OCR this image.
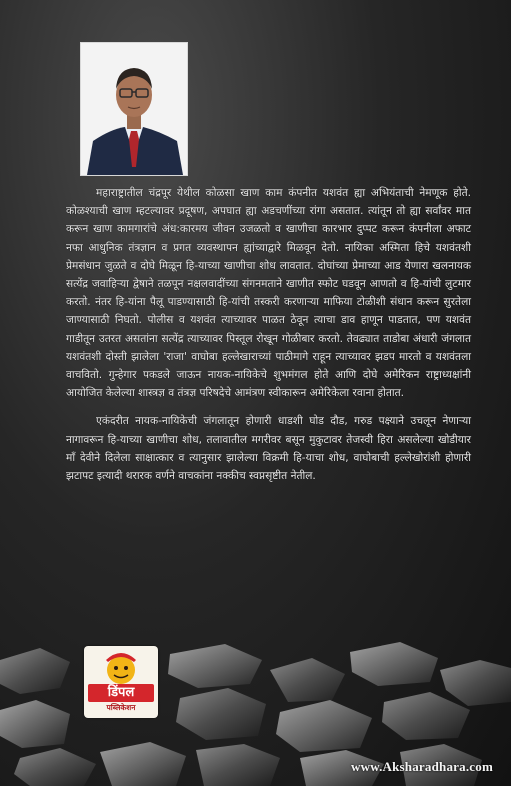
महाराष्ट्रातील चंद्रपूर येथील कोळसा खाण काम कंपनीत यशवंत ह्या अभियंताची नेमणूक होते. कोळश्याची खाण म्हटल्यावर प्रदूषण, अपघात ह्या अडचणींच्या रांगा असतात. त्यांतून तो ह्या सर्वांवर मात करून खाण कामगारांचे अंध:कारमय जीवन उजळतो व खाणीचा कारभार दुप्पट करून कंपनीला अफाट नफा आधुनिक तंत्रज्ञान व प्रगत व्यवस्थापन ह्यांच्याद्वारे मिळवून देतो. नायिका अस्मिता हिचे यशवंतशी प्रेमसंधान जुळते व दोघे मिळून हि-याच्या खाणीचा शोध लावतात. दोघांच्या प्रेमाच्या आड येणारा खलनायक सत्येंद्र जवाहिऱ्या द्वेषाने तळपून नक्षलवादींच्या संगनमताने खाणीत स्फोट घडवून आणतो व हि-यांची लुटमार करतो. नंतर हि-यांना पैलू पाडण्यासाठी हि-यांची तस्करी करणाऱ्या माफिया टोळीशी संधान करून सुरतेला जाण्यासाठी निघतो. पोलीस व यशवंत त्याच्यावर पाळत ठेवून त्याचा डाव हाणून पाडतात, पण यशवंत गाडीतून उतरत असतांना सत्येंद्र त्याच्यावर पिस्तूल रोखून गोळीबार करतो. तेवढ्यात ताडोबा अंधारी जंगलात यशवंतशी दोस्ती झालेला 'राजा' वाघोबा हल्लेखाराच्यां पाठीमागे राहून त्याच्यावर झडप मारतो व यशवंतला वाचवितो. गुन्हेगार पकडले जाऊन नायक-नायिकेचे शुभमंगल होते आणि दोघे अमेरिकन राष्ट्राध्यक्षांनी आयोजित केलेल्या शास्त्रज्ञ व तंत्रज्ञ परिषदेचे आमंत्रण स्वीकारून अमेरिकेला रवाना होतात.

एकंदरीत नायक-नायिकेची जंगलातून होणारी धाडशी घोड दौड, गरुड पक्ष्याने उचलून नेणाऱ्या नागावरून हि-याच्या खाणीचा शोध, तलावातील मगरीवर बसून मुकुटावर तेजस्वी हिरा असलेल्या खोडीयार माँ देवीने दिलेला साक्षात्कार व त्यानुसार झालेल्या विक्रमी हि-याचा शोध, वाघोबाची हल्लेखोरांशी होणारी झटापट इत्यादी थरारक वर्णने वाचकांना नक्कीच स्वप्नसृष्टीत नेतील.

डिंपल
पब्लिकेशन
www.Aksharadhara.com
